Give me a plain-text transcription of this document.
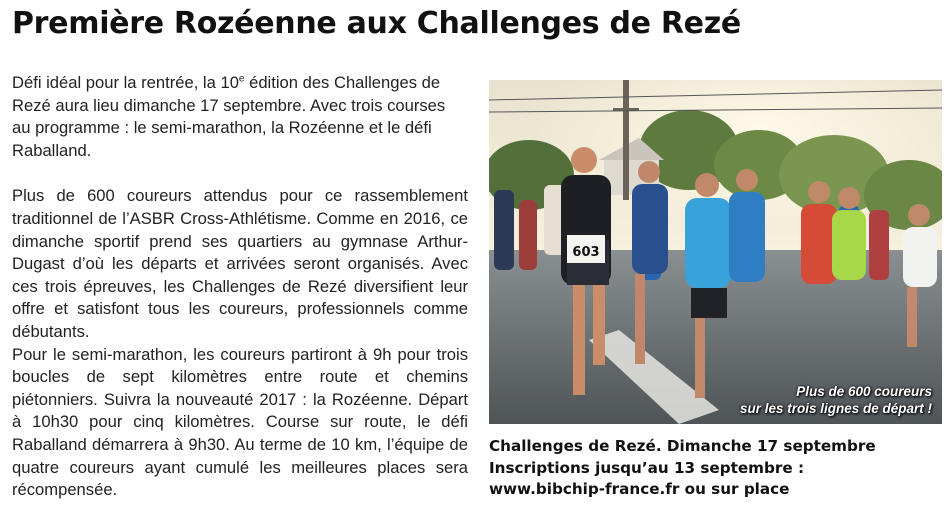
Première Rozéenne aux Challenges de Rezé

Défi idéal pour la rentrée, la 10e édition des Challenges de Rezé aura lieu dimanche 17 septembre. Avec trois courses au programme : le semi-marathon, la Rozéenne et le défi Raballand.

Plus de 600 coureurs attendus pour ce rassemblement traditionnel de l’ASBR Cross-Athlétisme. Comme en 2016, ce dimanche sportif prend ses quartiers au gymnase Arthur-Dugast d’où les départs et arrivées seront organisés. Avec ces trois épreuves, les Challenges de Rezé diversifient leur offre et satisfont tous les coureurs, professionnels comme débutants.

Pour le semi-marathon, les coureurs partiront à 9h pour trois boucles de sept kilomètres entre route et chemins piétonniers. Suivra la nouveauté 2017 : la Rozéenne. Départ à 10h30 pour cinq kilomètres. Course sur route, le défi Raballand démarrera à 9h30. Au terme de 10 km, l’équipe de quatre coureurs ayant cumulé les meilleures places sera récompensée.

603
Plus de 600 coureurs
sur les trois lignes de départ !
Challenges de Rezé. Dimanche 17 septembre
Inscriptions jusqu’au 13 septembre :
www.bibchip-france.fr ou sur place
